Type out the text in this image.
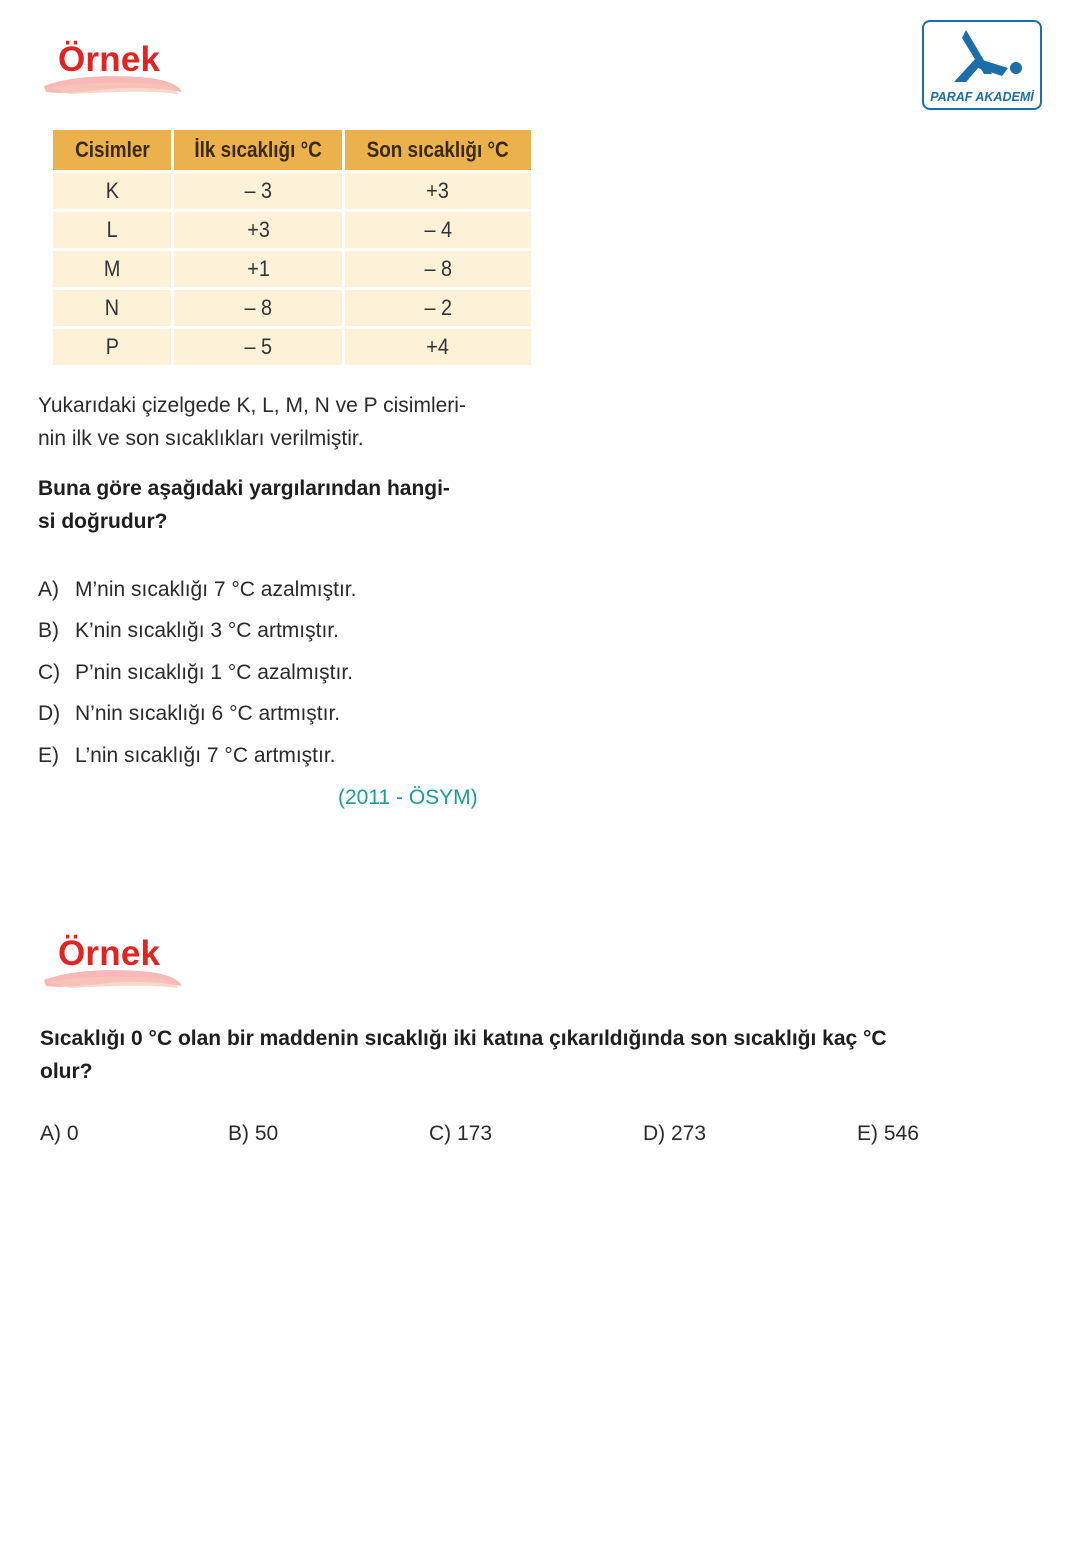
PARAF AKADEMİ
Örnek
Cisimler	İlk sıcaklığı °C	Son sıcaklığı °C
K	– 3	+3
L	+3	– 4
M	+1	– 8
N	– 8	– 2
P	– 5	+4
Yukarıdaki çizelgede K, L, M, N ve P cisimleri-
nin ilk ve son sıcaklıkları verilmiştir.
Buna göre aşağıdaki yargılarından hangi-
si doğrudur?
A) M’nin sıcaklığı 7 °C azalmıştır.
B) K’nin sıcaklığı 3 °C artmıştır.
C) P’nin sıcaklığı 1 °C azalmıştır.
D) N’nin sıcaklığı 6 °C artmıştır.
E) L’nin sıcaklığı 7 °C artmıştır.
(2011 - ÖSYM)
Örnek
Sıcaklığı 0 °C olan bir maddenin sıcaklığı iki katına çıkarıldığında son sıcaklığı kaç °C
olur?
A) 0	B) 50	C) 173	D) 273	E) 546
